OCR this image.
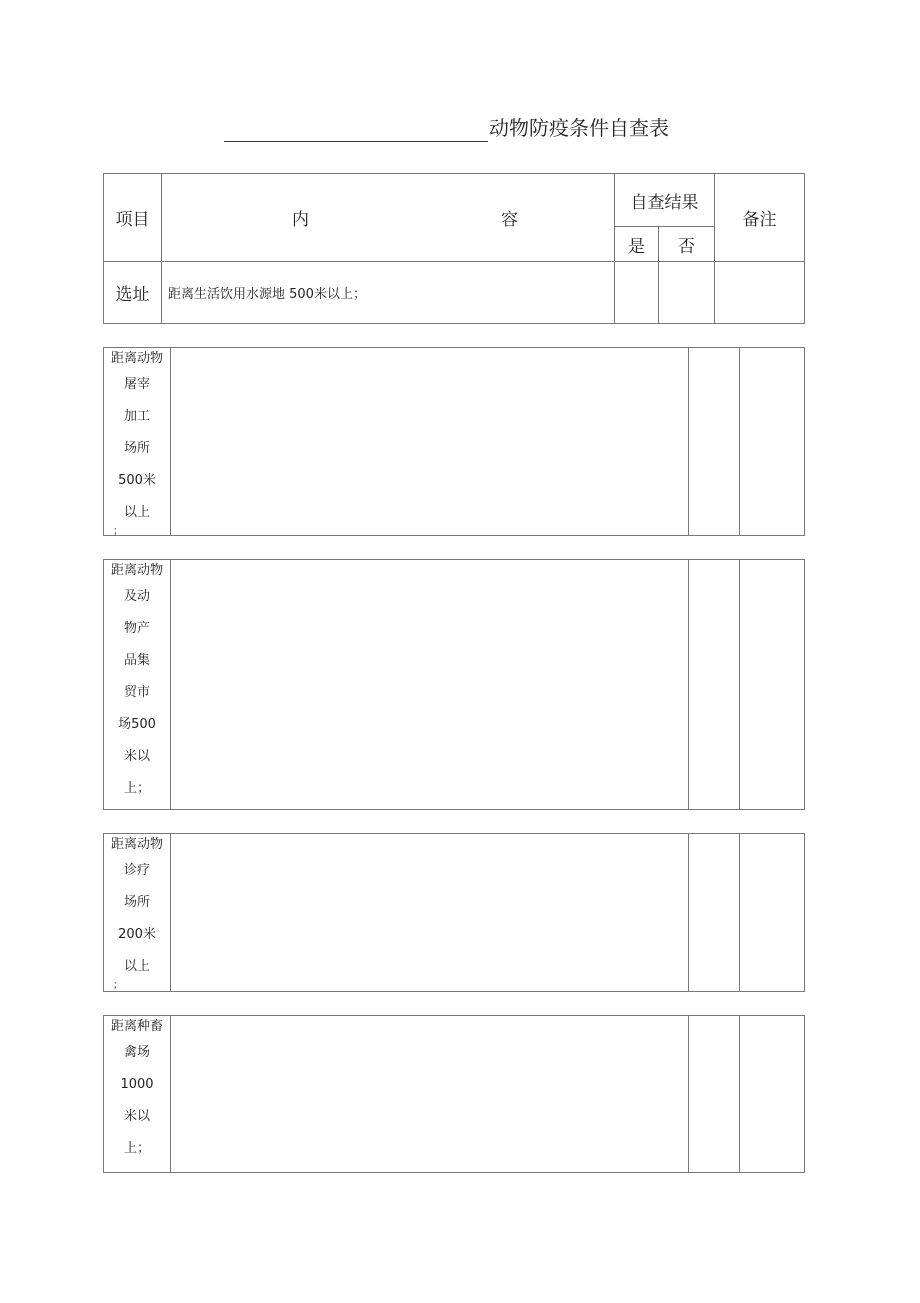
动物防疫条件自查表
项目	内 容	自查结果		备注
		是	否	
选址	距离生活饮用水源地 500米以上；			
距离动物
屠宰
加工
场所
500米
以上
；

距离动物
及动
物产
品集
贸市
场500
米以
上；

距离动物
诊疗
场所
200米
以上
；

距离种畜
禽场
1000
米以
上；
